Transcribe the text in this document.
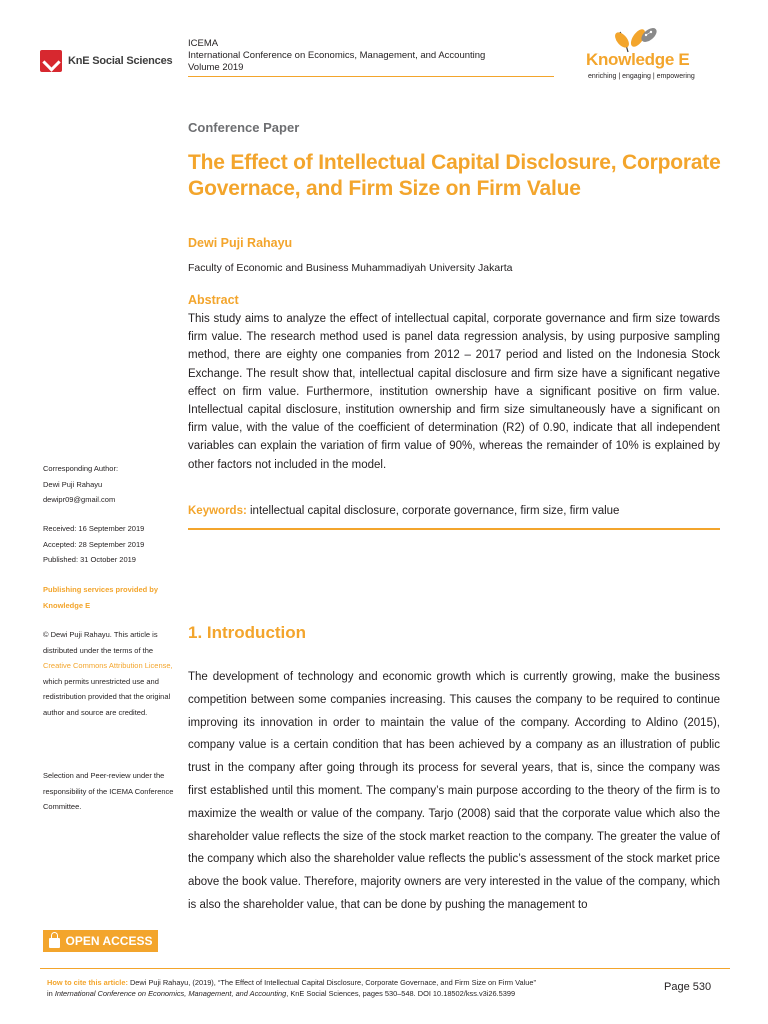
KnE Social Sciences
ICEMA
International Conference on Economics, Management, and Accounting
Volume 2019	Knowledge E
enriching | engaging | empowering
Conference Paper
The Effect of Intellectual Capital Disclosure, Corporate Governace, and Firm Size on Firm Value
Dewi Puji Rahayu
Faculty of Economic and Business Muhammadiyah University Jakarta
Abstract
This study aims to analyze the effect of intellectual capital, corporate governance and firm size towards firm value. The research method used is panel data regression analysis, by using purposive sampling method, there are eighty one companies from 2012 – 2017 period and listed on the Indonesia Stock Exchange. The result show that, intellectual capital disclosure and firm size have a significant negative effect on firm value. Furthermore, institution ownership have a significant positive on firm value. Intellectual capital disclosure, institution ownership and firm size simultaneously have a significant on firm value, with the value of the coefficient of determination (R2) of 0.90, indicate that all independent variables can explain the variation of firm value of 90%, whereas the remainder of 10% is explained by other factors not included in the model.
Keywords: intellectual capital disclosure, corporate governance, firm size, firm value
Corresponding Author:
Dewi Puji Rahayu
dewipr09@gmail.com
Received: 16 September 2019
Accepted: 28 September 2019
Published: 31 October 2019
Publishing services provided by Knowledge E
© Dewi Puji Rahayu. This article is distributed under the terms of the Creative Commons Attribution License, which permits unrestricted use and redistribution provided that the original author and source are credited.
Selection and Peer-review under the responsibility of the ICEMA Conference Committee.
OPEN ACCESS
1. Introduction
The development of technology and economic growth which is currently growing, make the business competition between some companies increasing. This causes the company to be required to continue improving its innovation in order to maintain the value of the company. According to Aldino (2015), company value is a certain condition that has been achieved by a company as an illustration of public trust in the company after going through its process for several years, that is, since the company was first established until this moment. The company’s main purpose according to the theory of the firm is to maximize the wealth or value of the company. Tarjo (2008) said that the corporate value which also the shareholder value reflects the size of the stock market reaction to the company. The greater the value of the company which also the shareholder value reflects the public’s assessment of the stock market price above the book value. Therefore, majority owners are very interested in the value of the company, which is also the shareholder value, that can be done by pushing the management to
How to cite this article: Dewi Puji Rahayu, (2019), “The Effect of Intellectual Capital Disclosure, Corporate Governace, and Firm Size on Firm Value”
in International Conference on Economics, Management, and Accounting, KnE Social Sciences, pages 530–548. DOI 10.18502/kss.v3i26.5399
Page 530
